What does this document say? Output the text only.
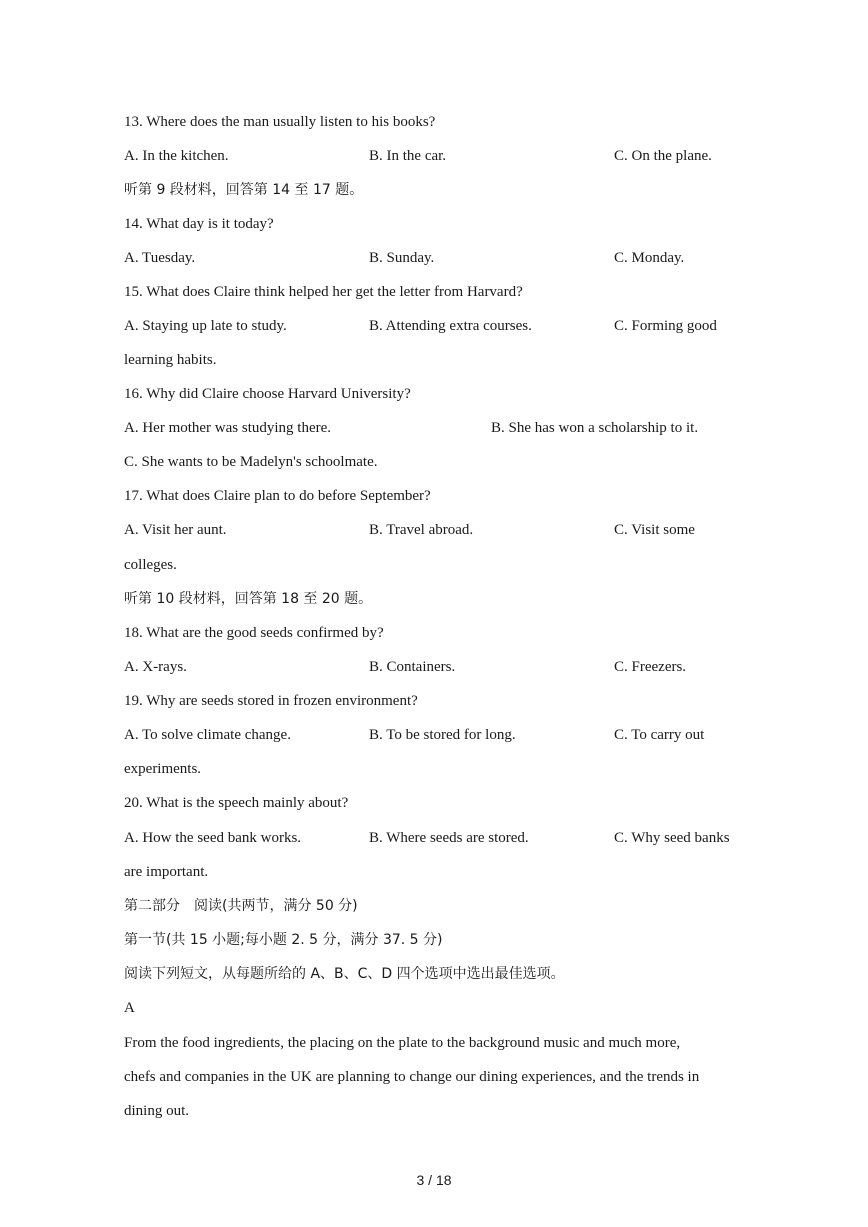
13. Where does the man usually listen to his books?
A. In the kitchen.	B. In the car.	C. On the plane.
听第 9 段材料，回答第 14 至 17 题。
14. What day is it today?
A. Tuesday.	B. Sunday.	C. Monday.
15. What does Claire think helped her get the letter from Harvard?
A. Staying up late to study.	B. Attending extra courses.	C. Forming good
learning habits.
16. Why did Claire choose Harvard University?
A. Her mother was studying there.	B. She has won a scholarship to it.
C. She wants to be Madelyn's schoolmate.
17. What does Claire plan to do before September?
A. Visit her aunt.	B. Travel abroad.	C. Visit some
colleges.
听第 10 段材料，回答第 18 至 20 题。
18. What are the good seeds confirmed by?
A. X-rays.	B. Containers.	C. Freezers.
19. Why are seeds stored in frozen environment?
A. To solve climate change.	B. To be stored for long.	C. To carry out
experiments.
20. What is the speech mainly about?
A. How the seed bank works.	B. Where seeds are stored.	C. Why seed banks
are important.
第二部分　阅读(共两节，满分 50 分)
第一节(共 15 小题;每小题 2. 5 分，满分 37. 5 分)
阅读下列短文，从每题所给的 A、B、C、D 四个选项中选出最佳选项。
A
From the food ingredients, the placing on the plate to the background music and much more,
chefs and companies in the UK are planning to change our dining experiences, and the trends in
dining out.
3 / 18
